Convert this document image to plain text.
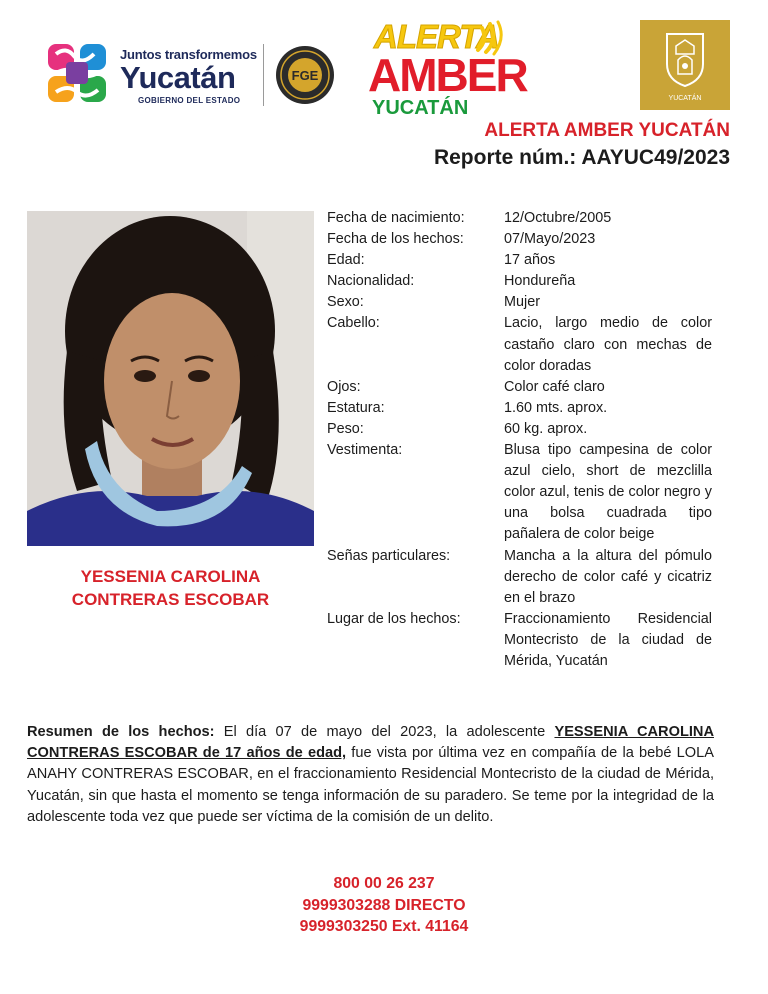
Juntos transformemos
Yucatán
GOBIERNO DEL ESTADO
FGE
ALERTA
AMBER
YUCATÁN	YUCATÁN
ALERTA AMBER YUCATÁN
Reporte núm.: AAYUC49/2023
YESSENIA CAROLINA
CONTRERAS ESCOBAR
Fecha de nacimiento:	12/Octubre/2005
Fecha de los hechos:	07/Mayo/2023
Edad:	17 años
Nacionalidad:	Hondureña
Sexo:	Mujer
Cabello:	Lacio, largo medio de color castaño claro con mechas de color doradas
Ojos:	Color café claro
Estatura:	1.60 mts. aprox.
Peso:	60 kg. aprox.
Vestimenta:	Blusa tipo campesina de color azul cielo, short de mezclilla color azul, tenis de color negro y una bolsa cuadrada tipo pañalera de color beige
Señas particulares:	Mancha a la altura del pómulo derecho de color café y cicatriz en el brazo
Lugar de los hechos:	Fraccionamiento Residencial Montecristo de la ciudad de Mérida, Yucatán
Resumen de los hechos: El día 07 de mayo del 2023, la adolescente YESSENIA CAROLINA CONTRERAS ESCOBAR de 17 años de edad, fue vista por última vez en compañía de la bebé LOLA ANAHY CONTRERAS ESCOBAR, en el fraccionamiento Residencial Montecristo de la ciudad de Mérida, Yucatán, sin que hasta el momento se tenga información de su paradero. Se teme por la integridad de la adolescente toda vez que puede ser víctima de la comisión de un delito.
800 00 26 237
9999303288 DIRECTO
9999303250 Ext. 41164
